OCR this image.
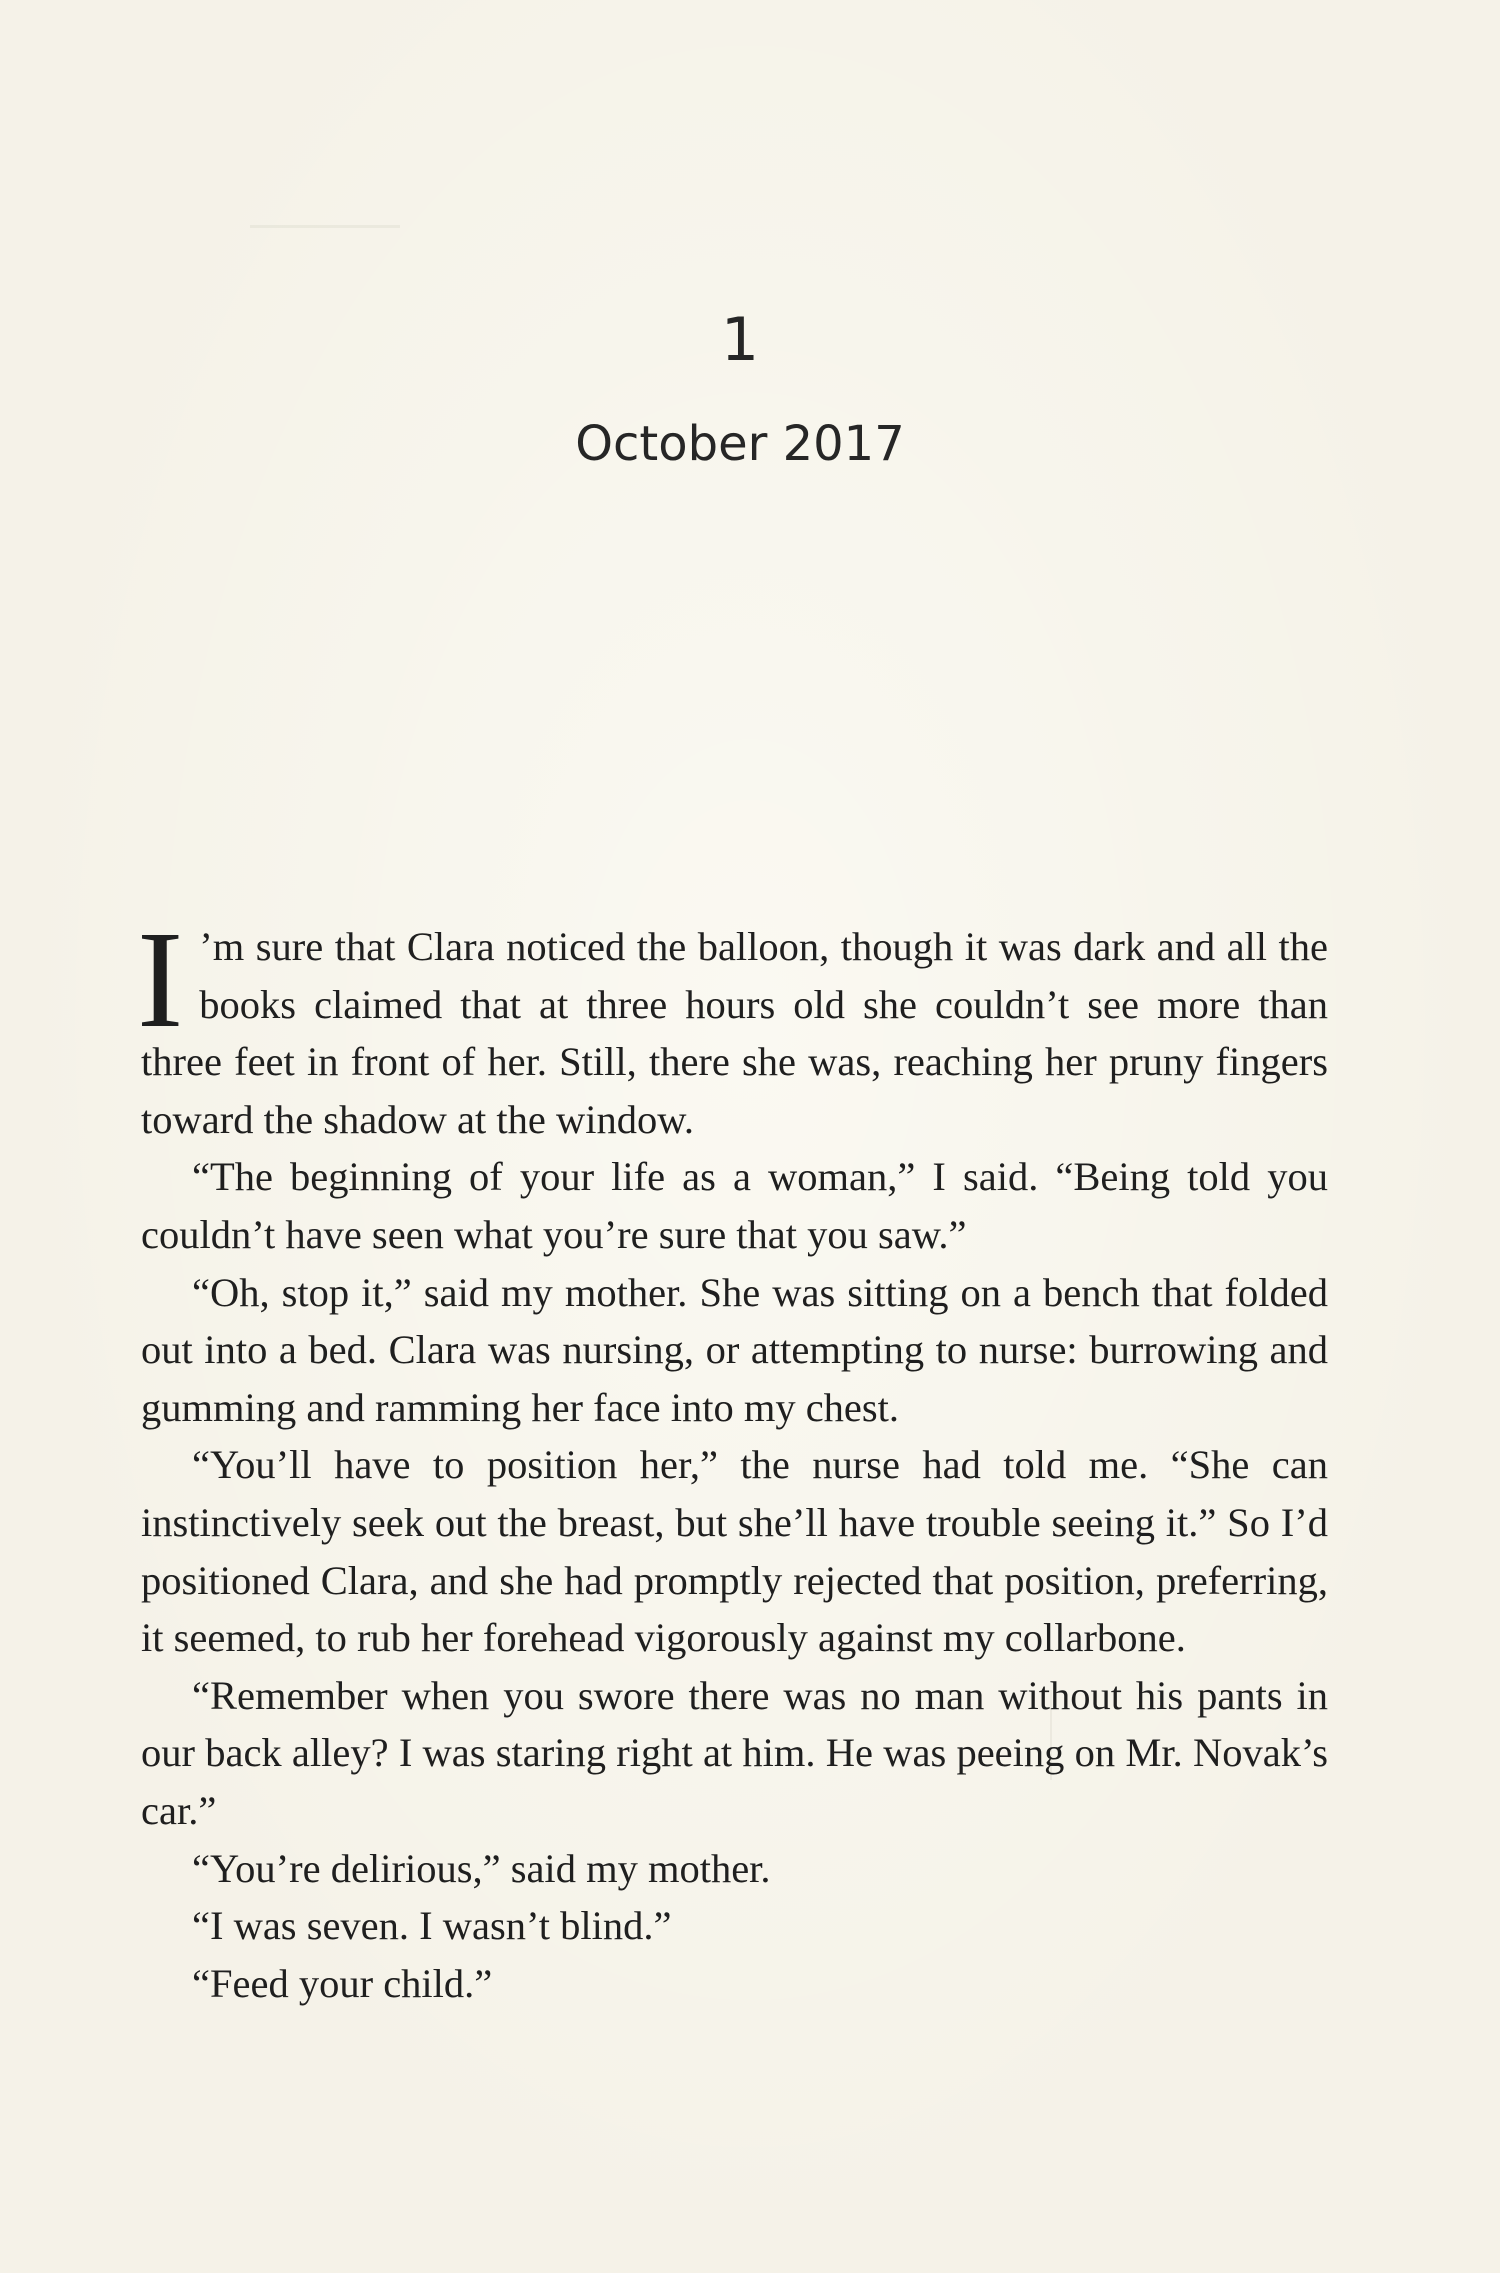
1
October 2017

I ’m sure that Clara noticed the balloon, though it was dark and all the books claimed that at three hours old she couldn’t see more than three feet in front of her. Still, there she was, reaching her pruny fingers toward the shadow at the window.

“The beginning of your life as a woman,” I said. “Being told you couldn’t have seen what you’re sure that you saw.”

“Oh, stop it,” said my mother. She was sitting on a bench that folded out into a bed. Clara was nursing, or attempting to nurse: burrowing and gumming and ramming her face into my chest.

“You’ll have to position her,” the nurse had told me. “She can instinctively seek out the breast, but she’ll have trouble seeing it.” So I’d positioned Clara, and she had promptly rejected that position, preferring, it seemed, to rub her forehead vigorously against my collarbone.

“Remember when you swore there was no man without his pants in our back alley? I was staring right at him. He was peeing on Mr. Novak’s car.”

“You’re delirious,” said my mother.

“I was seven. I wasn’t blind.”

“Feed your child.”
